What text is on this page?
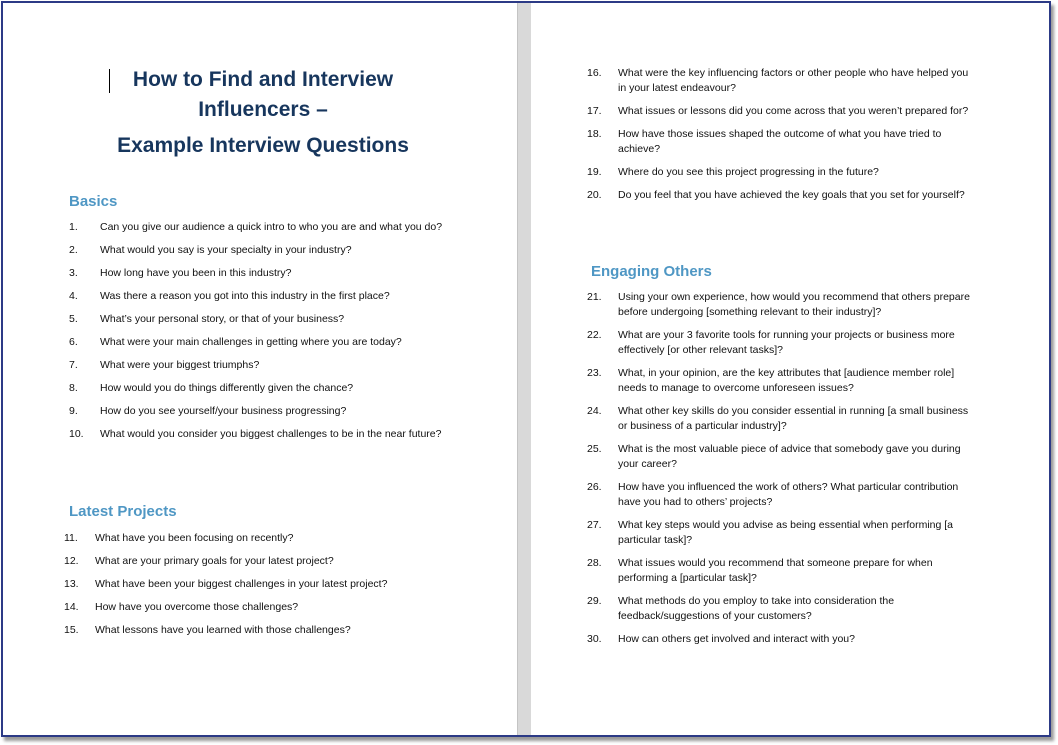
How to Find and Interview
Influencers –
Example Interview Questions
Basics
1.	Can you give our audience a quick intro to who you are and what you do?
2.	What would you say is your specialty in your industry?
3.	How long have you been in this industry?
4.	Was there a reason you got into this industry in the first place?
5.	What’s your personal story, or that of your business?
6.	What were your main challenges in getting where you are today?
7.	What were your biggest triumphs?
8.	How would you do things differently given the chance?
9.	How do you see yourself/your business progressing?
10.	What would you consider you biggest challenges to be in the near future?
Latest Projects
11.	What have you been focusing on recently?
12.	What are your primary goals for your latest project?
13.	What have been your biggest challenges in your latest project?
14.	How have you overcome those challenges?
15.	What lessons have you learned with those challenges?
16.	What were the key influencing factors or other people who have helped you in your latest endeavour?
17.	What issues or lessons did you come across that you weren’t prepared for?
18.	How have those issues shaped the outcome of what you have tried to achieve?
19.	Where do you see this project progressing in the future?
20.	Do you feel that you have achieved the key goals that you set for yourself?
Engaging Others
21.	Using your own experience, how would you recommend that others prepare before undergoing [something relevant to their industry]?
22.	What are your 3 favorite tools for running your projects or business more effectively [or other relevant tasks]?
23.	What, in your opinion, are the key attributes that [audience member role] needs to manage to overcome unforeseen issues?
24.	What other key skills do you consider essential in running [a small business or business of a particular industry]?
25.	What is the most valuable piece of advice that somebody gave you during your career?
26.	How have you influenced the work of others? What particular contribution have you had to others’ projects?
27.	What key steps would you advise as being essential when performing [a particular task]?
28.	What issues would you recommend that someone prepare for when performing a [particular task]?
29.	What methods do you employ to take into consideration the feedback/suggestions of your customers?
30.	How can others get involved and interact with you?
